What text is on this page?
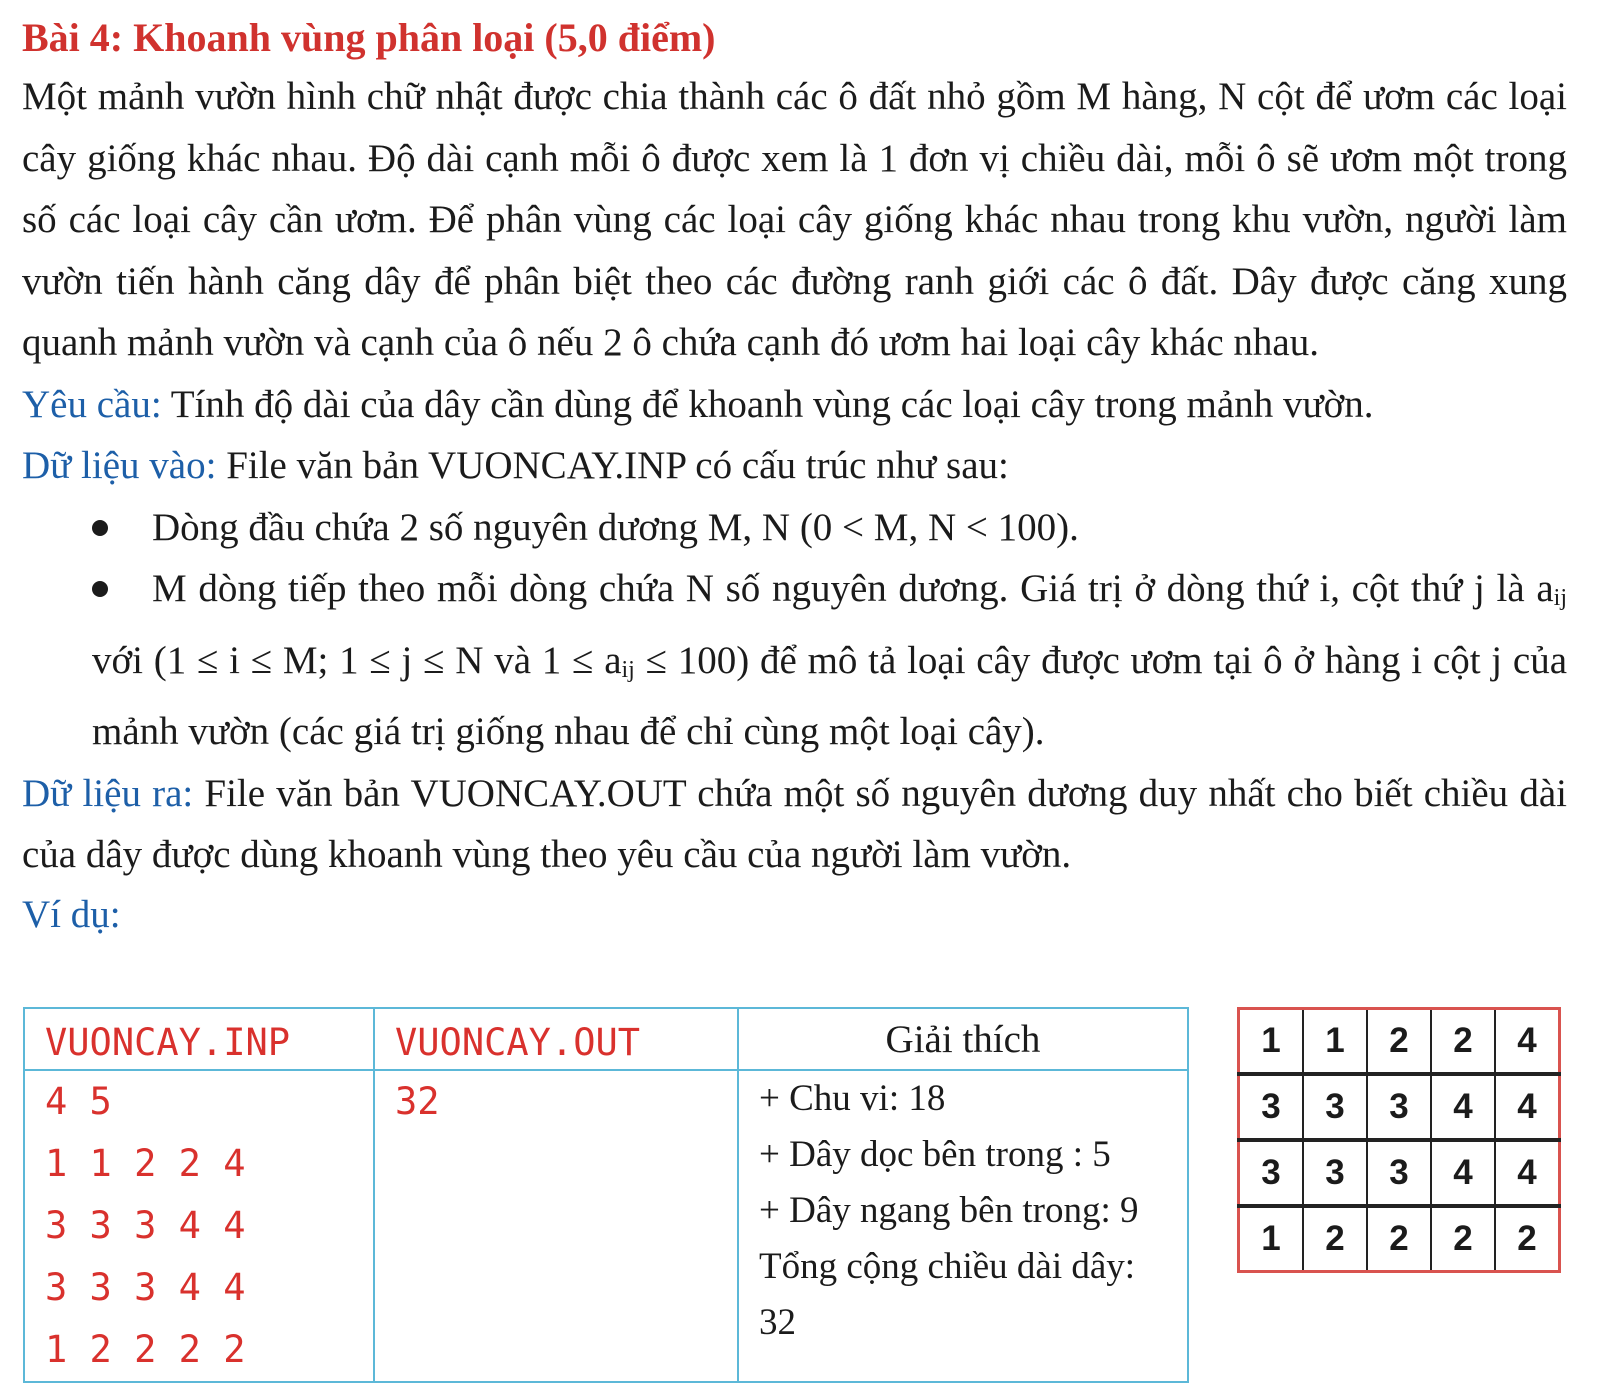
Bài 4: Khoanh vùng phân loại (5,0 điểm)

Một mảnh vườn hình chữ nhật được chia thành các ô đất nhỏ gồm M hàng, N cột để ươm các loại cây giống khác nhau. Độ dài cạnh mỗi ô được xem là 1 đơn vị chiều dài, mỗi ô sẽ ươm một trong số các loại cây cần ươm. Để phân vùng các loại cây giống khác nhau trong khu vườn, người làm vườn tiến hành căng dây để phân biệt theo các đường ranh giới các ô đất. Dây được căng xung quanh mảnh vườn và cạnh của ô nếu 2 ô chứa cạnh đó ươm hai loại cây khác nhau.

Yêu cầu: Tính độ dài của dây cần dùng để khoanh vùng các loại cây trong mảnh vườn.

Dữ liệu vào: File văn bản VUONCAY.INP có cấu trúc như sau:

Dòng đầu chứa 2 số nguyên dương M, N (0 < M, N < 100).
M dòng tiếp theo mỗi dòng chứa N số nguyên dương. Giá trị ở dòng thứ i, cột thứ j là $a_{ij}$ với (1 ≤ i ≤ M; 1 ≤ j ≤ N và $1 \le a_{ij} \le 100$) để mô tả loại cây được ươm tại ô ở hàng i cột j của mảnh vườn (các giá trị giống nhau để chỉ cùng một loại cây).

Dữ liệu ra: File văn bản VUONCAY.OUT chứa một số nguyên dương duy nhất cho biết chiều dài của dây được dùng khoanh vùng theo yêu cầu của người làm vườn.

Ví dụ:

VUONCAY.INP	VUONCAY.OUT	Giải thích

4 5
1 1 2 2 4
3 3 3 4 4
3 3 3 4 4
1 2 2 2 2	32	+ Chu vi: 18
+ Dây dọc bên trong : 5
+ Dây ngang bên trong: 9
Tổng cộng chiều dài dây:
32
1	1	2	2	4
3	3	3	4	4
3	3	3	4	4
1	2	2	2	2
